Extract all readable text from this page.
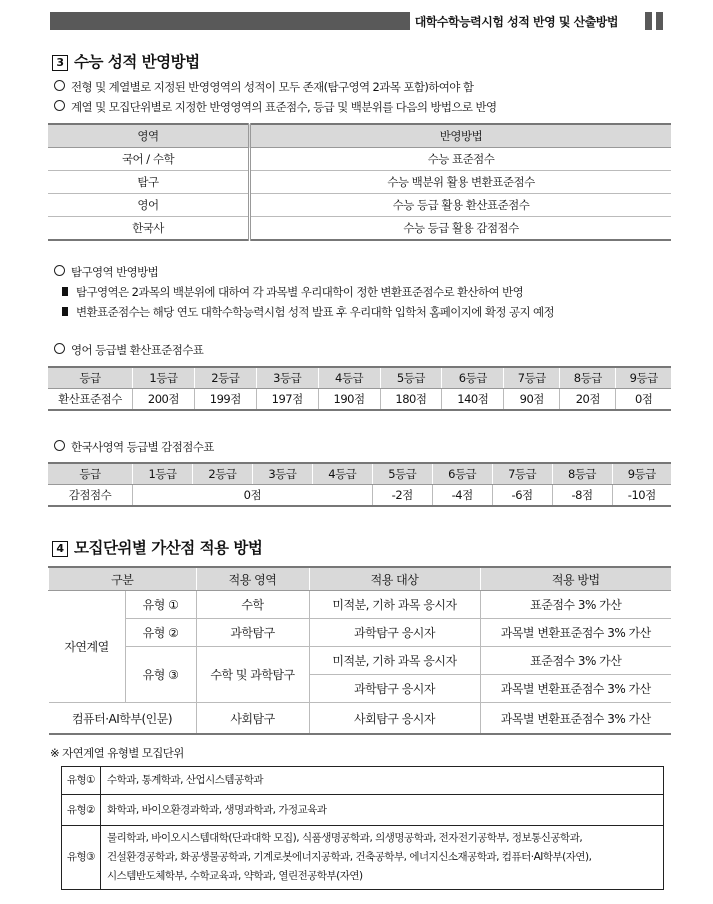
대학수학능력시험 성적 반영 및 산출방법
3 수능 성적 반영방법
전형 및 계열별로 지정된 반영영역의 성적이 모두 존재(탐구영역 2과목 포함)하여야 함
계열 및 모집단위별로 지정한 반영영역의 표준점수, 등급 및 백분위를 다음의 방법으로 반영
영역	반영방법
국어 / 수학	수능 표준점수
탐구	수능 백분위 활용 변환표준점수
영어	수능 등급 활용 환산표준점수
한국사	수능 등급 활용 감점점수
탐구영역 반영방법
탐구영역은 2과목의 백분위에 대하여 각 과목별 우리대학이 정한 변환표준점수로 환산하여 반영
변환표준점수는 해당 연도 대학수학능력시험 성적 발표 후 우리대학 입학처 홈페이지에 확정 공지 예정
영어 등급별 환산표준점수표
등급	1등급	2등급	3등급	4등급	5등급	6등급	7등급	8등급	9등급
환산표준점수	200점	199점	197점	190점	180점	140점	90점	20점	0점
한국사영역 등급별 감점점수표
등급	1등급	2등급	3등급	4등급	5등급	6등급	7등급	8등급	9등급
감점점수	0점				-2점	-4점	-6점	-8점	-10점
4 모집단위별 가산점 적용 방법
구분		적용 영역	적용 대상	적용 방법
자연계열	유형 ①	수학	미적분, 기하 과목 응시자	표준점수 3% 가산
	유형 ②	과학탐구	과학탐구 응시자	과목별 변환표준점수 3% 가산
	유형 ③	수학 및 과학탐구	미적분, 기하 과목 응시자	표준점수 3% 가산
			과학탐구 응시자	과목별 변환표준점수 3% 가산
컴퓨터·AI학부(인문)		사회탐구	사회탐구 응시자	과목별 변환표준점수 3% 가산
※ 자연계열 유형별 모집단위
유형①	수학과, 통계학과, 산업시스템공학과
유형②	화학과, 바이오환경과학과, 생명과학과, 가정교육과
유형③	물리학과, 바이오시스템대학(단과대학 모집), 식품생명공학과, 의생명공학과, 전자전기공학부, 정보통신공학과,
건설환경공학과, 화공생물공학과, 기계로봇에너지공학과, 건축공학부, 에너지신소재공학과, 컴퓨터·AI학부(자연),
시스템반도체학부, 수학교육과, 약학과, 열린전공학부(자연)
